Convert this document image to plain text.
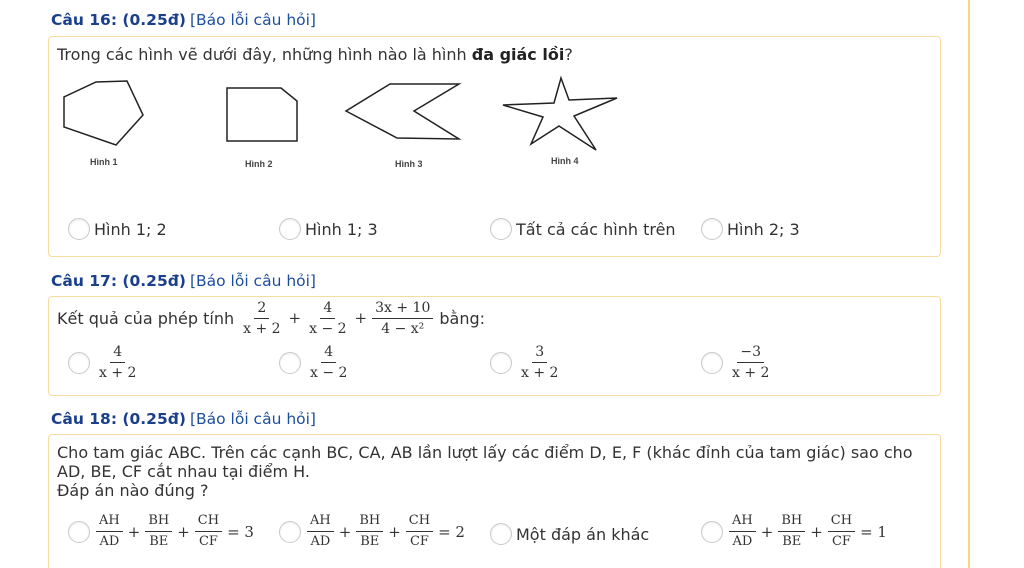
Câu 16: (0.25đ) [Báo lỗi câu hỏi]
Trong các hình vẽ dưới đây, những hình nào là hình đa giác lồi?
Hình 1	Hình 2	Hình 3	Hình 4
Hình 1; 2	Hình 1; 3	Tất cả các hình trên	Hình 2; 3
Câu 17: (0.25đ) [Báo lỗi câu hỏi]
Kết quả của phép tính $\frac{2}{x + 2} + \frac{4}{x - 2} + \frac{3x + 10}{\text{4 − x²}}$ bằng:
$\frac{4}{x + 2}$	$\frac{4}{x - 2}$	$\frac{3}{x + 2}$	$\frac{-3}{x + 2}$
Câu 18: (0.25đ) [Báo lỗi câu hỏi]
Cho tam giác ABC. Trên các cạnh BC, CA, AB lần lượt lấy các điểm D, E, F (khác đỉnh của tam giác) sao cho
AD, BE, CF cắt nhau tại điểm H.
Đáp án nào đúng ?
$\frac{AH}{AD} + \frac{BH}{BE} + \frac{CH}{CF} = 3$	$\frac{AH}{AD} + \frac{BH}{BE} + \frac{CH}{CF} = 2$	Một đáp án khác	$\frac{AH}{AD} + \frac{BH}{BE} + \frac{CH}{CF} = 1$
